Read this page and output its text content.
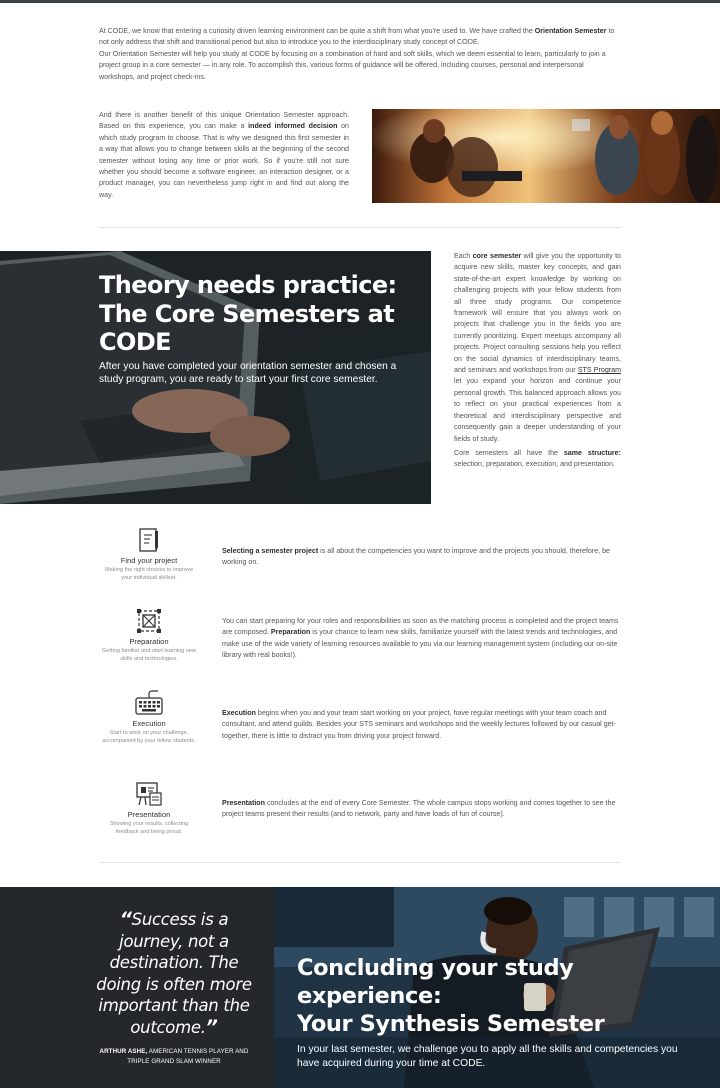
At CODE, we know that entering a curiosity driven learning environment can be quite a shift from what you're used to. We have crafted the Orientation Semester to not only address that shift and transitional period but also to introduce you to the interdisciplinary study concept of CODE.

Our Orientation Semester will help you study at CODE by focusing on a combination of hard and soft skills, which we deem essential to learn, particularly to join a project group in a core semester — in any role. To accomplish this, various forms of guidance will be offered, including courses, personal and interpersonal workshops, and project check-ins.

And there is another benefit of this unique Orientation Semester approach. Based on this experience, you can make a indeed informed decision on which study program to choose. That is why we designed this first semester in a way that allows you to change between skills at the beginning of the second semester without losing any time or prior work. So if you're still not sure whether you should become a software engineer, an interaction designer, or a product manager, you can nevertheless jump right in and find out along the way.
Theory needs practice: The Core Semesters at CODE

After you have completed your orientation semester and chosen a study program, you are ready to start your first core semester.

Each core semester will give you the opportunity to acquire new skills, master key concepts, and gain state-of-the-art expert knowledge by working on challenging projects with your fellow students from all three study programs. Our competence framework will ensure that you always work on projects that challenge you in the fields you are currently prioritizing. Expert meetups accompany all projects. Project consulting sessions help you reflect on the social dynamics of interdisciplinary teams, and seminars and workshops from our STS Program let you expand your horizon and continue your personal growth. This balanced approach allows you to reflect on your practical experiences from a theoretical and interdisciplinary perspective and consequently gain a deeper understanding of your fields of study.

Core semesters all have the same structure: selection, preparation, execution, and presentation.

Find your project
Making the right choices to improve your individual skillset.
Selecting a semester project is all about the competencies you want to improve and the projects you should, therefore, be working on.
Preparation
Getting familiar and start learning new skills and technologies.
You can start preparing for your roles and responsibilities as soon as the matching process is completed and the project teams are composed. Preparation is your chance to learn new skills, familiarize yourself with the latest trends and technologies, and make use of the wide variety of learning resources available to you via our learning management system (including our on-site library with real books!).
Execution
Start to work on your challenge, accompanied by your fellow students.
Execution begins when you and your team start working on your project, have regular meetings with your team coach and consultant, and attend guilds. Besides your STS seminars and workshops and the weekly lectures followed by our casual get-together, there is little to distract you from driving your project forward.
Presentation
Showing your results, collecting feedback and being proud.
Presentation concludes at the end of every Core Semester. The whole campus stops working and comes together to see the project teams present their results (and to network, party and have loads of fun of course).
“Success is a journey, not a destination. The doing is often more important than the outcome.”
ARTHUR ASHE, AMERICAN TENNIS PLAYER AND TRIPLE GRAND SLAM WINNER
Concluding your study experience:
Your Synthesis Semester

In your last semester, we challenge you to apply all the skills and competencies you have acquired during your time at CODE.
